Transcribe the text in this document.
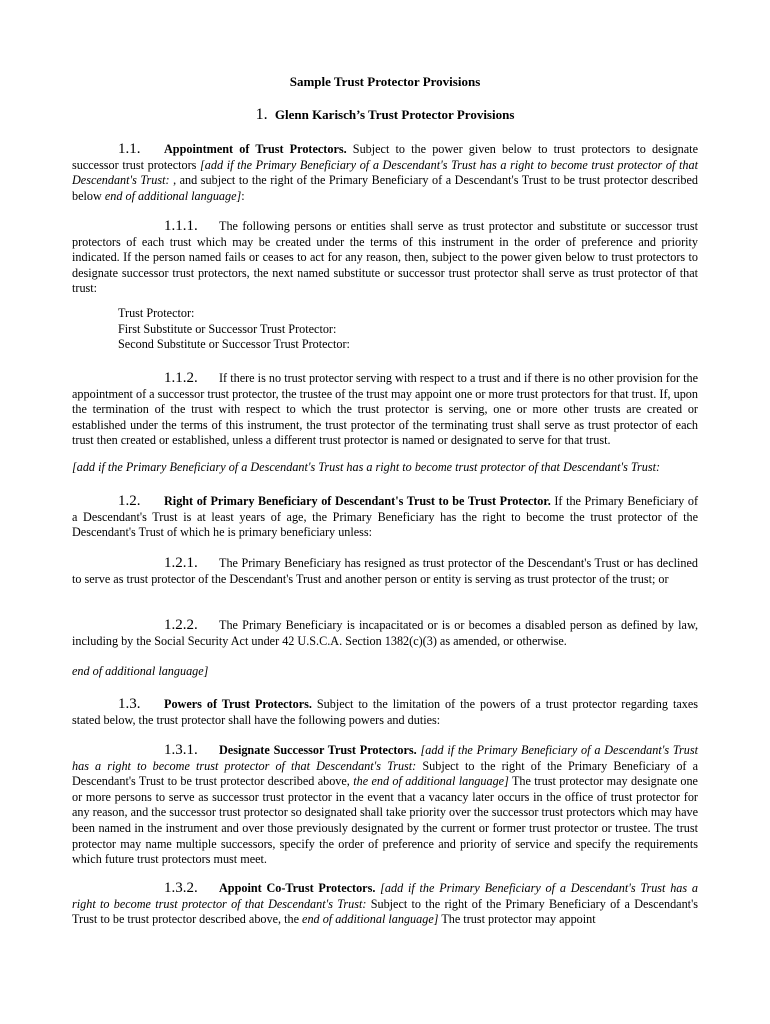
Sample Trust Protector Provisions
1. Glenn Karisch’s Trust Protector Provisions

1.1. Appointment of Trust Protectors. Subject to the power given below to trust protectors to designate successor trust protectors [add if the Primary Beneficiary of a Descendant's Trust has a right to become trust protector of that Descendant's Trust: , and subject to the right of the Primary Beneficiary of a Descendant's Trust to be trust protector described below end of additional language]:

1.1.1. The following persons or entities shall serve as trust protector and substitute or successor trust protectors of each trust which may be created under the terms of this instrument in the order of preference and priority indicated. If the person named fails or ceases to act for any reason, then, subject to the power given below to trust protectors to designate successor trust protectors, the next named substitute or successor trust protector shall serve as trust protector of that trust:

Trust Protector:
First Substitute or Successor Trust Protector:
Second Substitute or Successor Trust Protector:

1.1.2. If there is no trust protector serving with respect to a trust and if there is no other provision for the appointment of a successor trust protector, the trustee of the trust may appoint one or more trust protectors for that trust. If, upon the termination of the trust with respect to which the trust protector is serving, one or more other trusts are created or established under the terms of this instrument, the trust protector of the terminating trust shall serve as trust protector of each trust then created or established, unless a different trust protector is named or designated to serve for that trust.

[add if the Primary Beneficiary of a Descendant's Trust has a right to become trust protector of that Descendant's Trust:

1.2. Right of Primary Beneficiary of Descendant's Trust to be Trust Protector. If the Primary Beneficiary of a Descendant's Trust is at least years of age, the Primary Beneficiary has the right to become the trust protector of the Descendant's Trust of which he is primary beneficiary unless:

1.2.1. The Primary Beneficiary has resigned as trust protector of the Descendant's Trust or has declined to serve as trust protector of the Descendant's Trust and another person or entity is serving as trust protector of the trust; or

1.2.2. The Primary Beneficiary is incapacitated or is or becomes a disabled person as defined by law, including by the Social Security Act under 42 U.S.C.A. Section 1382(c)(3) as amended, or otherwise.

end of additional language]

1.3. Powers of Trust Protectors. Subject to the limitation of the powers of a trust protector regarding taxes stated below, the trust protector shall have the following powers and duties:

1.3.1. Designate Successor Trust Protectors. [add if the Primary Beneficiary of a Descendant's Trust has a right to become trust protector of that Descendant's Trust: Subject to the right of the Primary Beneficiary of a Descendant's Trust to be trust protector described above, the end of additional language] The trust protector may designate one or more persons to serve as successor trust protector in the event that a vacancy later occurs in the office of trust protector for any reason, and the successor trust protector so designated shall take priority over the successor trust protectors which may have been named in the instrument and over those previously designated by the current or former trust protector or trustee. The trust protector may name multiple successors, specify the order of preference and priority of service and specify the requirements which future trust protectors must meet.

1.3.2. Appoint Co-Trust Protectors. [add if the Primary Beneficiary of a Descendant's Trust has a right to become trust protector of that Descendant's Trust: Subject to the right of the Primary Beneficiary of a Descendant's Trust to be trust protector described above, the end of additional language] The trust protector may appoint
